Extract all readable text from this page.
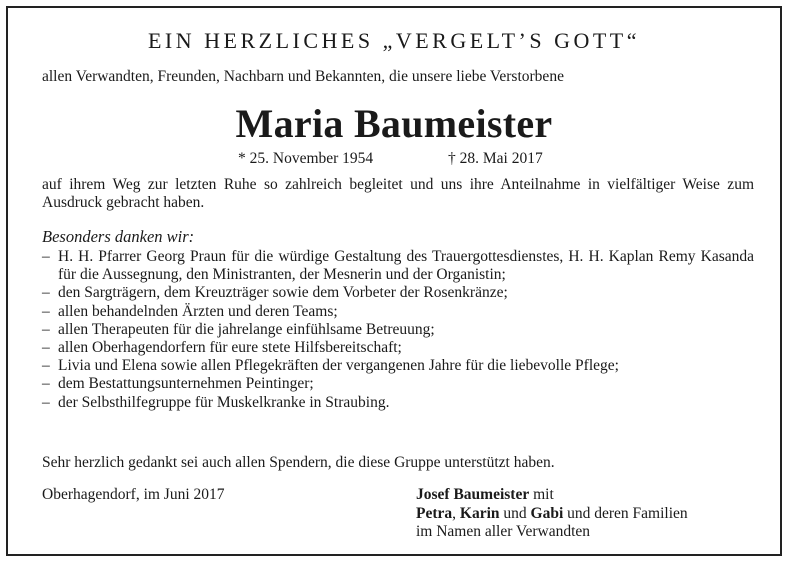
EIN HERZLICHES „VERGELT’S GOTT“
allen Verwandten, Freunden, Nachbarn und Bekannten, die unsere liebe Verstorbene
Maria Baumeister
* 25. November 1954	† 28. Mai 2017
auf ihrem Weg zur letzten Ruhe so zahlreich begleitet und uns ihre Anteilnahme in vielfältiger Weise zum Ausdruck gebracht haben.
Besonders danken wir:
– H. H. Pfarrer Georg Praun für die würdige Gestaltung des Trauergottesdienstes, H. H. Kaplan Remy Kasanda für die Aussegnung, den Ministranten, der Mesnerin und der Organistin;
– den Sargträgern, dem Kreuzträger sowie dem Vorbeter der Rosenkränze;
– allen behandelnden Ärzten und deren Teams;
– allen Therapeuten für die jahrelange einfühlsame Betreuung;
– allen Oberhagendorfern für eure stete Hilfsbereitschaft;
– Livia und Elena sowie allen Pflegekräften der vergangenen Jahre für die liebevolle Pflege;
– dem Bestattungsunternehmen Peintinger;
– der Selbsthilfegruppe für Muskelkranke in Straubing.
Sehr herzlich gedankt sei auch allen Spendern, die diese Gruppe unterstützt haben.
Oberhagendorf, im Juni 2017	Josef Baumeister mit
Petra, Karin und Gabi und deren Familien
im Namen aller Verwandten
